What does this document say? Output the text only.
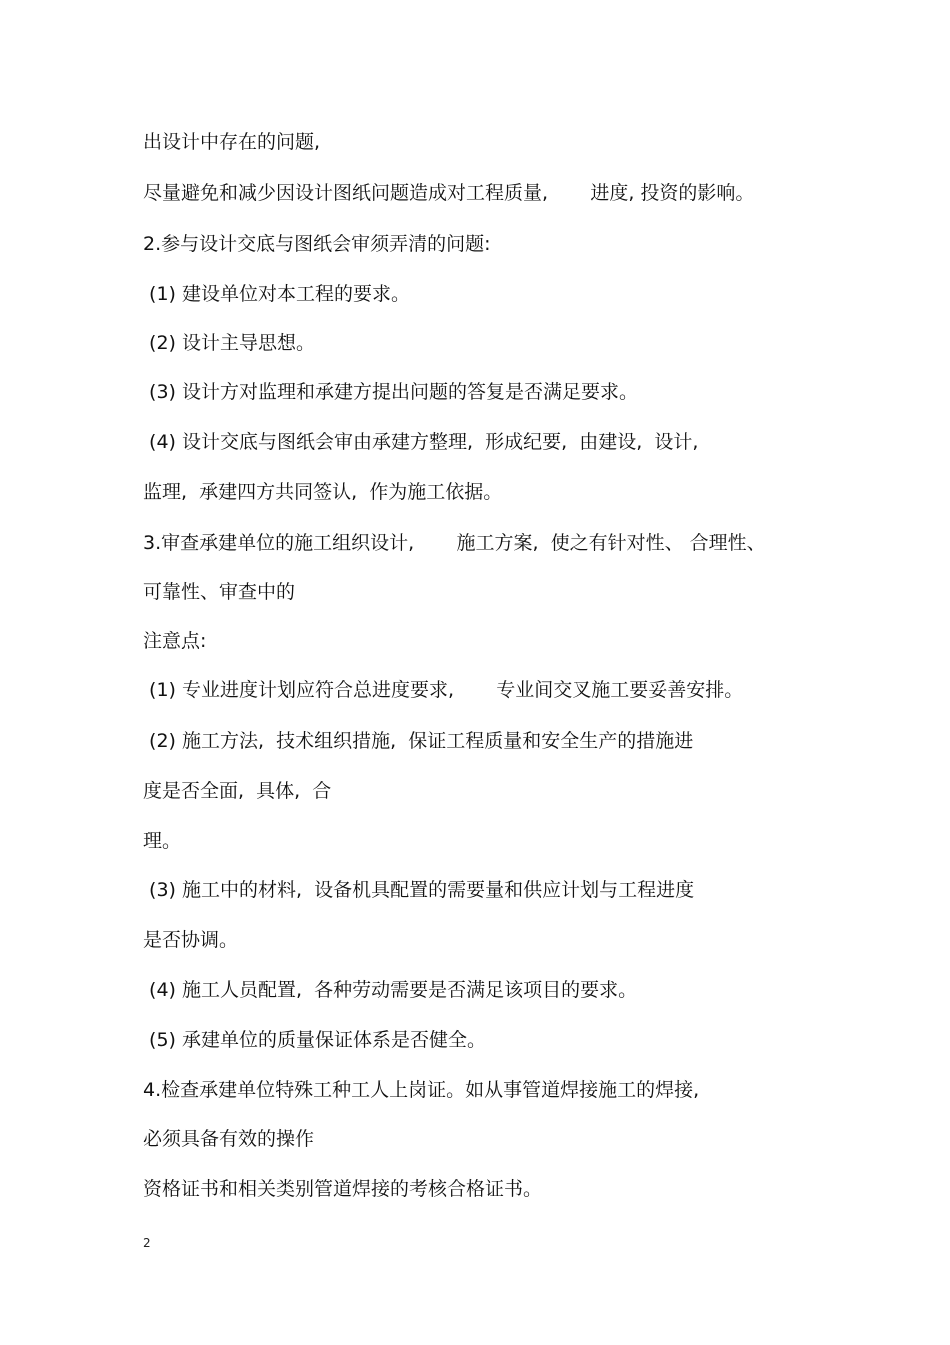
出设计中存在的问题,
尽量避免和减少因设计图纸问题造成对工程质量,       进度, 投资的影响。
2.参与设计交底与图纸会审须弄清的问题:
(1) 建设单位对本工程的要求。
(2) 设计主导思想。
(3) 设计方对监理和承建方提出问题的答复是否满足要求。
(4) 设计交底与图纸会审由承建方整理,  形成纪要,  由建设,  设计,
监理,  承建四方共同签认,  作为施工依据。
3.审查承建单位的施工组织设计,       施工方案,  使之有针对性、 合理性、
可靠性、审查中的
注意点:
(1) 专业进度计划应符合总进度要求,       专业间交叉施工要妥善安排。
(2) 施工方法,  技术组织措施,  保证工程质量和安全生产的措施进
度是否全面,  具体,  合
理。
(3) 施工中的材料,  设备机具配置的需要量和供应计划与工程进度
是否协调。
(4) 施工人员配置,  各种劳动需要是否满足该项目的要求。
(5) 承建单位的质量保证体系是否健全。
4.检查承建单位特殊工种工人上岗证。如从事管道焊接施工的焊接,
必须具备有效的操作
资格证书和相关类别管道焊接的考核合格证书。
2
